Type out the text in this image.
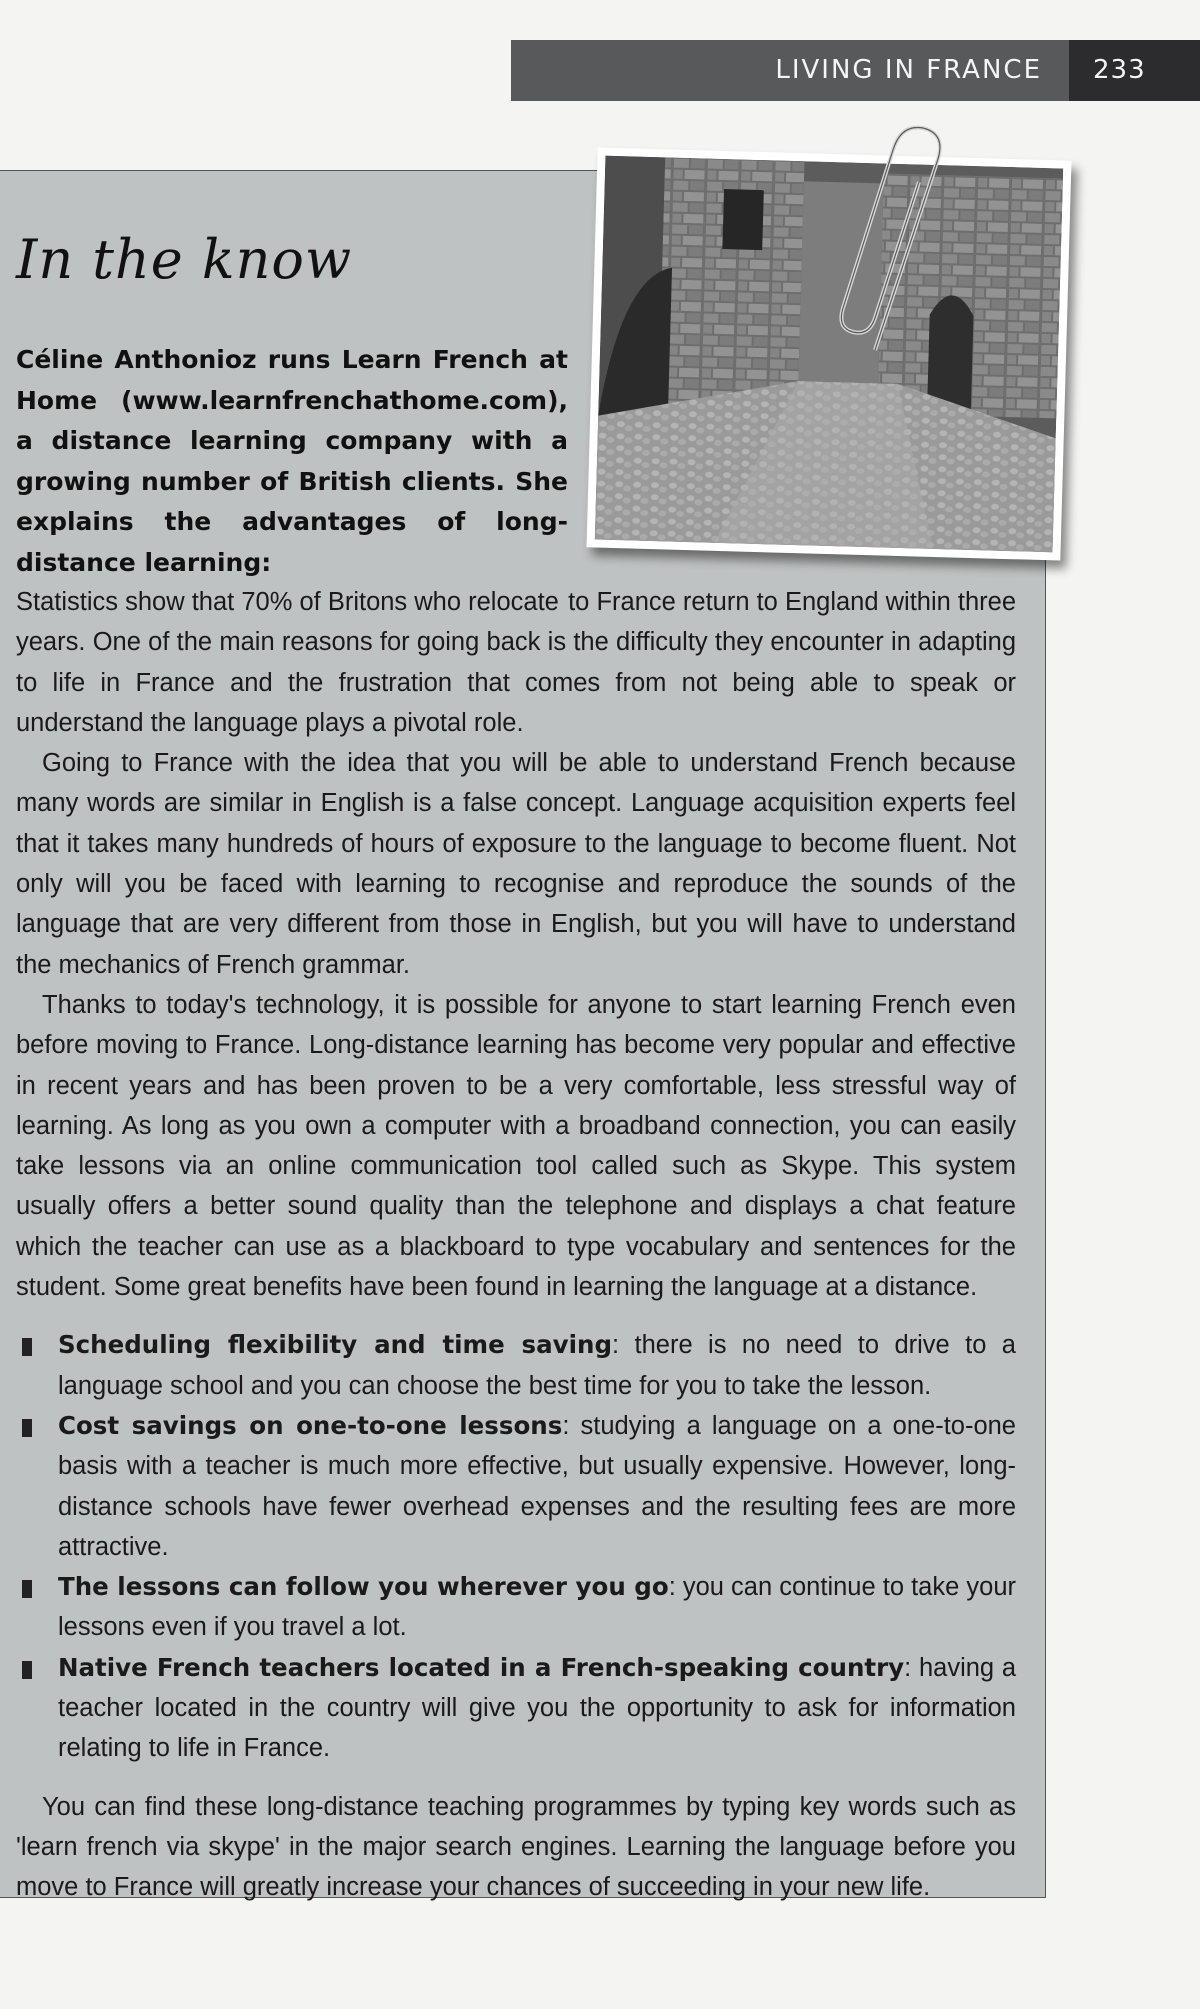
LIVING IN FRANCE	233
In the know

Céline Anthonioz runs Learn French at Home (www.learnfrenchathome.com), a distance learning company with a growing number of British clients. She explains the advantages of long-distance learning:

Statistics show that 70% of Britons who relocate to France return to England within three years. One of the main reasons for going back is the difficulty they encounter in adapting to life in France and the frustration that comes from not being able to speak or understand the language plays a pivotal role.

Going to France with the idea that you will be able to understand French because many words are similar in English is a false concept. Language acquisition experts feel that it takes many hundreds of hours of exposure to the language to become fluent. Not only will you be faced with learning to recognise and reproduce the sounds of the language that are very different from those in English, but you will have to understand the mechanics of French grammar.

Thanks to today's technology, it is possible for anyone to start learning French even before moving to France. Long-distance learning has become very popular and effective in recent years and has been proven to be a very comfortable, less stressful way of learning. As long as you own a computer with a broadband connection, you can easily take lessons via an online communication tool called such as Skype. This system usually offers a better sound quality than the telephone and displays a chat feature which the teacher can use as a blackboard to type vocabulary and sentences for the student. Some great benefits have been found in learning the language at a distance.

Scheduling flexibility and time saving: there is no need to drive to a language school and you can choose the best time for you to take the lesson.
Cost savings on one-to-one lessons: studying a language on a one-to-one basis with a teacher is much more effective, but usually expensive. However, long-distance schools have fewer overhead expenses and the resulting fees are more attractive.
The lessons can follow you wherever you go: you can continue to take your lessons even if you travel a lot.
Native French teachers located in a French-speaking country: having a teacher located in the country will give you the opportunity to ask for information relating to life in France.

You can find these long-distance teaching programmes by typing key words such as 'learn french via skype' in the major search engines. Learning the language before you move to France will greatly increase your chances of succeeding in your new life.
